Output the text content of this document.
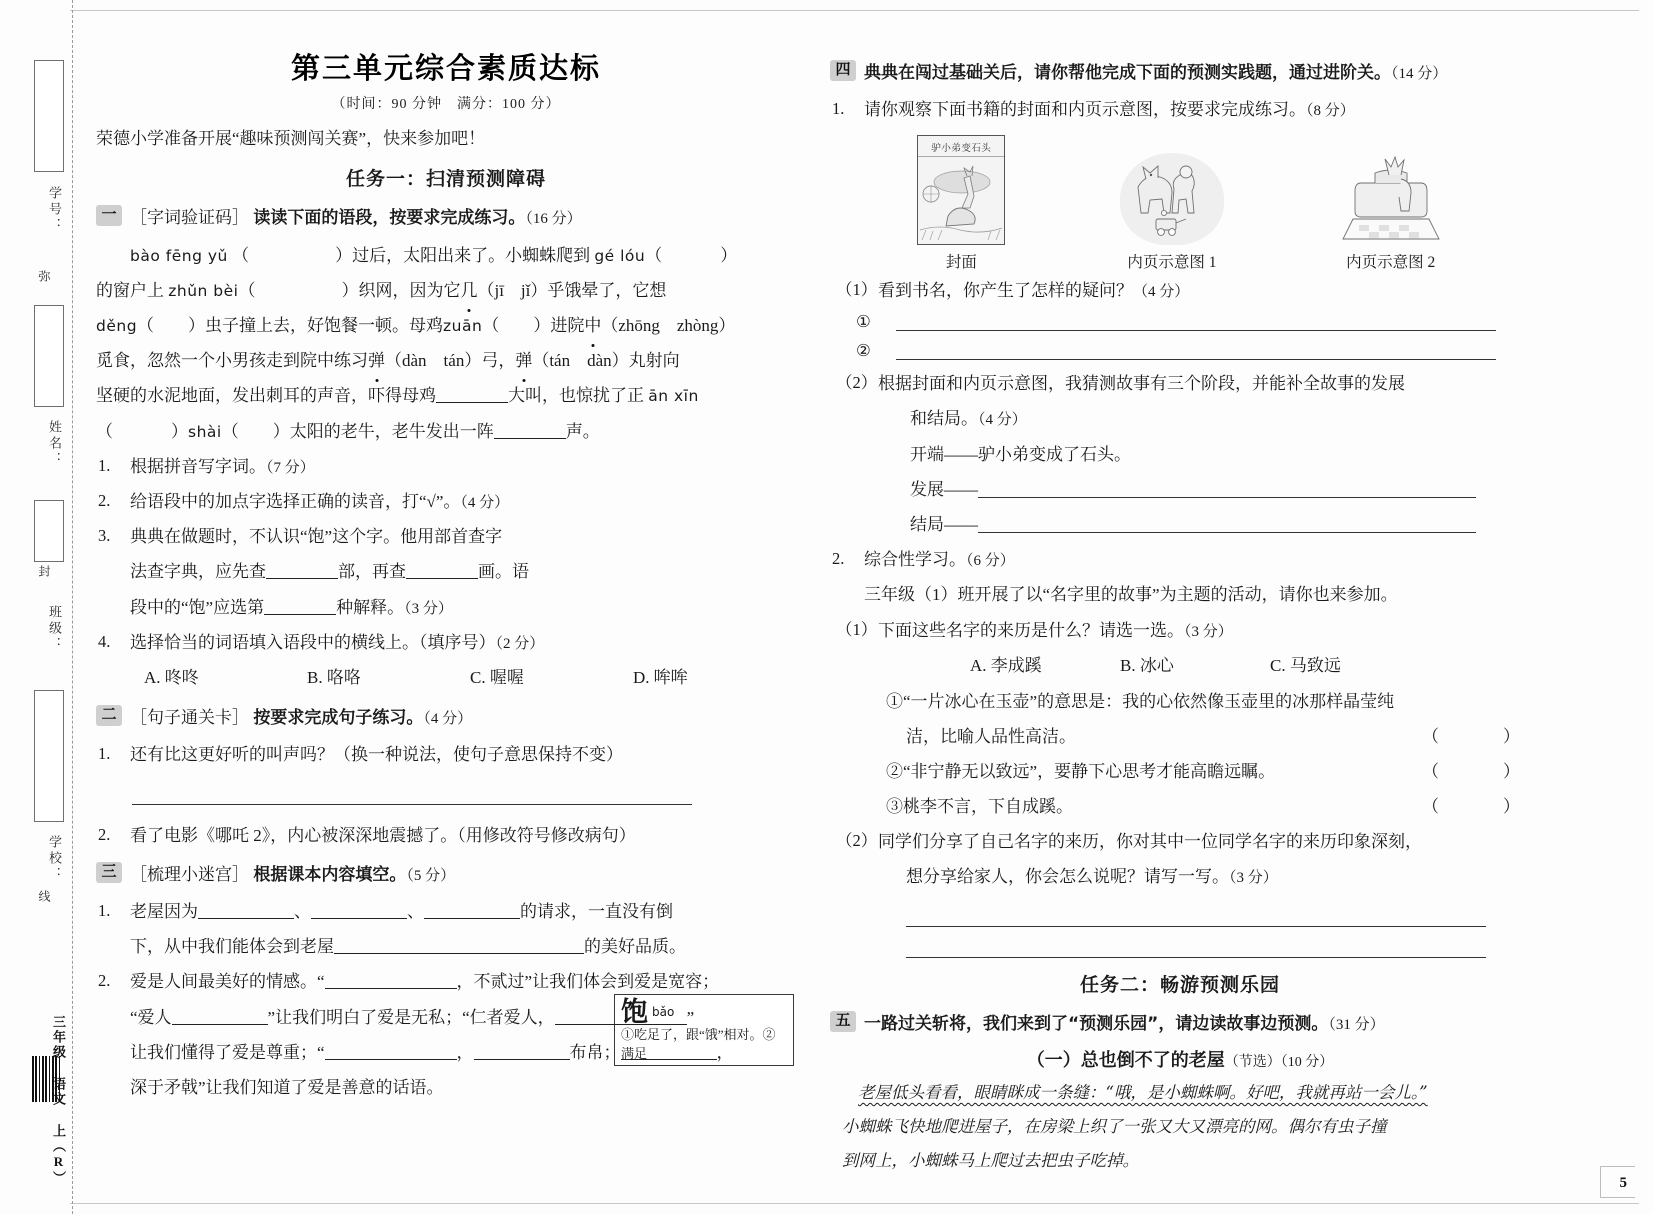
学号：
弥
姓名：
封
班级：
学校：
线
三年级 语文 上（R）
第三单元综合素质达标
（时间：90 分钟　满分：100 分）
荣德小学准备开展“趣味预测闯关赛”，快来参加吧！
任务一：扫清预测障碍
一 ［字词验证码］ 读读下面的语段，按要求完成练习。（16 分）
bào fēng yǔ （	）过后，太阳出来了。小蜘蛛爬到 gé lóu（	）
的窗户上 zhǔn bèi（	）织网，因为它几（jī　jǐ）乎饿晕了，它想
děng（ ）虫子撞上去，好饱餐一顿。母鸡zuān（ ）进院中（zhōng　zhòng）
觅食，忽然一个小男孩走到院中练习弹（dàn　tán）弓，弹（tán　dàn）丸射向
坚硬的水泥地面，发出刺耳的声音，吓得母鸡	大叫，也惊扰了正 ān xīn
（	）shài（ ）太阳的老牛，老牛发出一阵	声。
1. 根据拼音写字词。（7 分）
2. 给语段中的加点字选择正确的读音，打“√”。（4 分）
3. 典典在做题时，不认识“饱”这个字。他用部首查字
法查字典，应先查	部，再查	画。语
段中的“饱”应选第	种解释。（3 分）
饱bǎo
①吃足了，跟“饿”相对。②满足
4. 选择恰当的词语填入语段中的横线上。（填序号）（2 分）
A. 咚咚	B. 咯咯	C. 喔喔	D. 哞哞
二 ［句子通关卡］ 按要求完成句子练习。（4 分）
1. 还有比这更好听的叫声吗？（换一种说法，使句子意思保持不变）
2. 看了电影《哪吒 2》，内心被深深地震撼了。（用修改符号修改病句）
三 ［梳理小迷宫］ 根据课本内容填空。（5 分）
1. 老屋因为	、	、	的请求，一直没有倒
下，从中我们能体会到老屋	的美好品质。
2. 爱是人间最美好的情感。“	，不贰过”让我们体会到爱是宽容；
“爱人	”让我们明白了爱是无私；“仁者爱人，	”
让我们懂得了爱是尊重；“	，	布帛；	，
深于矛戟”让我们知道了爱是善意的话语。
四 典典在闯过基础关后，请你帮他完成下面的预测实践题，通过进阶关。（14 分）
1. 请你观察下面书籍的封面和内页示意图，按要求完成练习。（8 分）
驴小弟变石头
封面	内页示意图 1	内页示意图 2
（1） 看到书名，你产生了怎样的疑问？（4 分）
①
②
（2） 根据封面和内页示意图，我猜测故事有三个阶段，并能补全故事的发展
和结局。（4 分）
开端——驴小弟变成了石头。
发展——
结局——
2. 综合性学习。（6 分）
三年级（1）班开展了以“名字里的故事”为主题的活动，请你也来参加。
（1） 下面这些名字的来历是什么？请选一选。（3 分）
A. 李成蹊	B. 冰心	C. 马致远
①“一片冰心在玉壶”的意思是：我的心依然像玉壶里的冰那样晶莹纯
洁，比喻人品性高洁。	（　　）
②“非宁静无以致远”，要静下心思考才能高瞻远瞩。	（　　）
③桃李不言，下自成蹊。	（　　）
（2） 同学们分享了自己名字的来历，你对其中一位同学名字的来历印象深刻，
想分享给家人，你会怎么说呢？请写一写。（3 分）
任务二：畅游预测乐园
五 一路过关斩将，我们来到了“预测乐园”，请边读故事边预测。（31 分）
（一）总也倒不了的老屋（节选）（10 分）
老屋低头看看，眼睛眯成一条缝：“哦，是小蜘蛛啊。好吧，我就再站一会儿。”
小蜘蛛飞快地爬进屋子，在房梁上织了一张又大又漂亮的网。偶尔有虫子撞
到网上，小蜘蛛马上爬过去把虫子吃掉。
5
